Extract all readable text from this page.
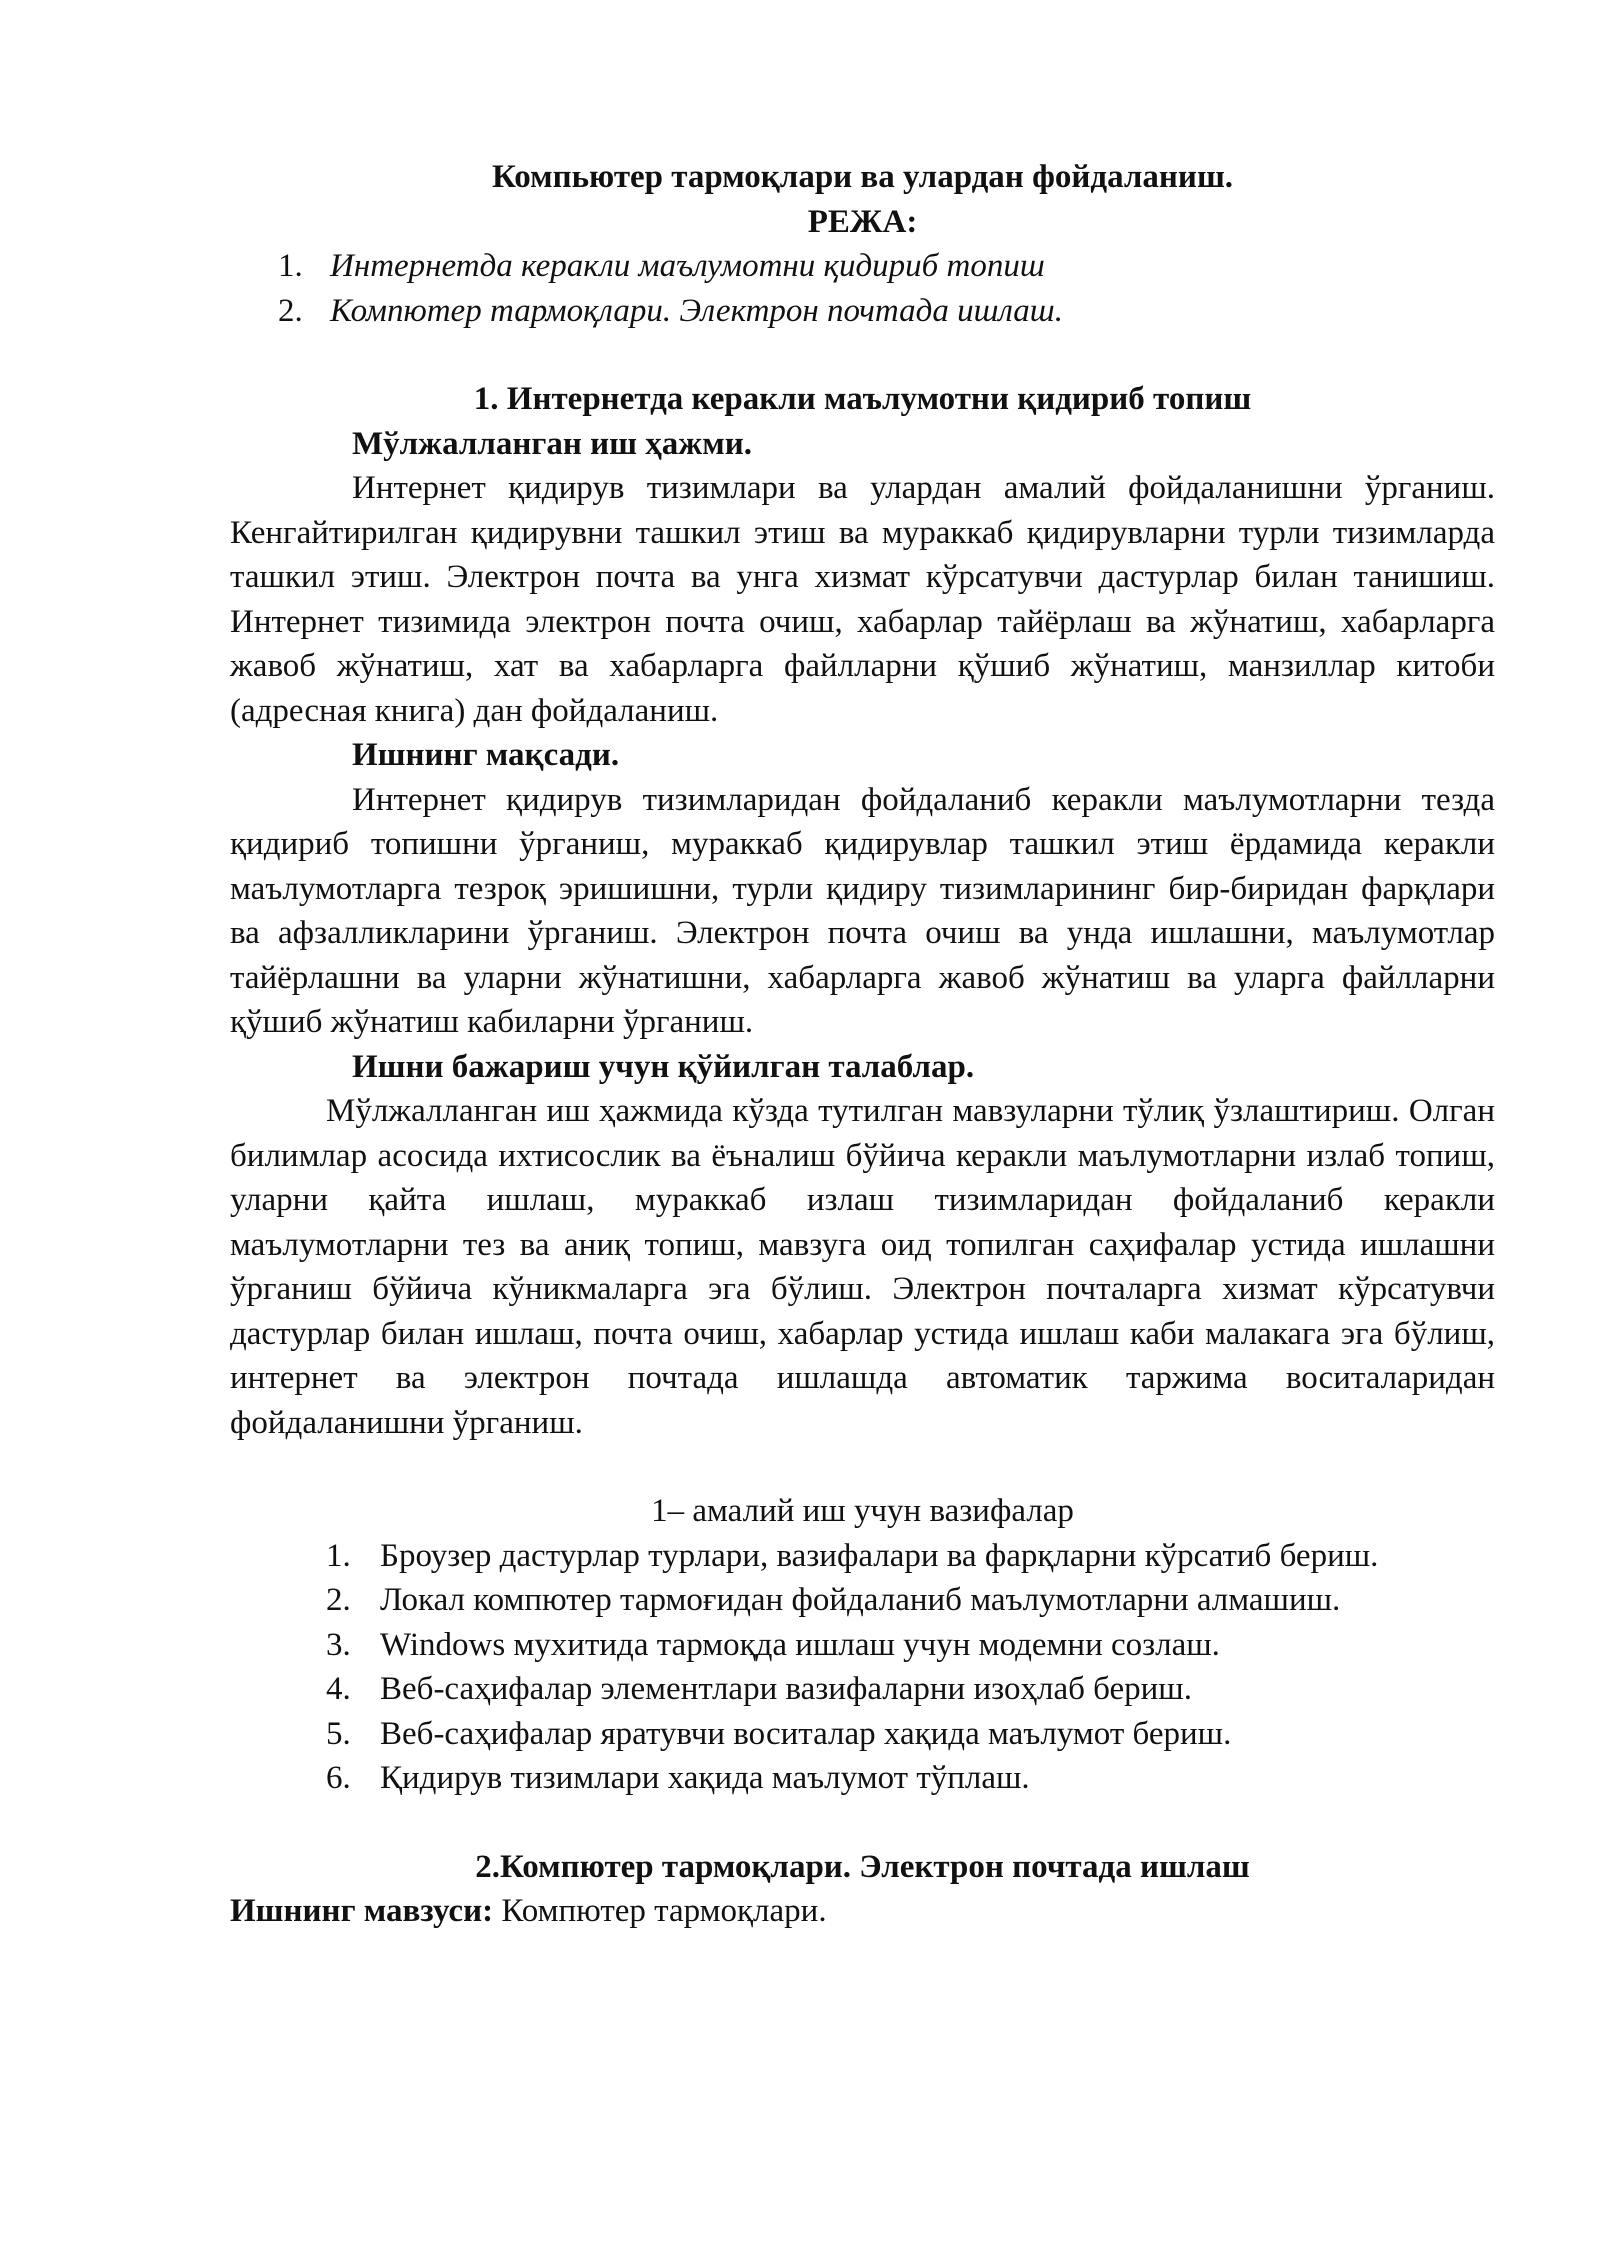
Компьютер тармоқлари ва улардан фойдаланиш.

РЕЖА:

1. Интернетда керакли маълумотни қидириб топиш
2. Компютер тармоқлари. Электрон почтада ишлаш.

1. Интернетда керакли маълумотни қидириб топиш

Мўлжалланган иш ҳажми.

Интернет қидирув тизимлари ва улардан амалий фойдаланишни ўрганиш. Кенгайтирилган қидирувни ташкил этиш ва мураккаб қидирувларни турли тизимларда ташкил этиш. Электрон почта ва унга хизмат кўрсатувчи дастурлар билан танишиш. Интернет тизимида электрон почта очиш, хабарлар тайёрлаш ва жўнатиш, хабарларга жавоб жўнатиш, хат ва хабарларга файлларни қўшиб жўнатиш, манзиллар китоби (адресная книга) дан фойдаланиш.

Ишнинг мақсади.

Интернет қидирув тизимларидан фойдаланиб керакли маълумотларни тезда қидириб топишни ўрганиш, мураккаб қидирувлар ташкил этиш ёрдамида керакли маълумотларга тезроқ эришишни, турли қидиру тизимларининг бир-биридан фарқлари ва афзалликларини ўрганиш. Электрон почта очиш ва унда ишлашни, маълумотлар тайёрлашни ва уларни жўнатишни, хабарларга жавоб жўнатиш ва уларга файлларни қўшиб жўнатиш кабиларни ўрганиш.

Ишни бажариш учун қўйилган талаблар.

Мўлжалланган иш ҳажмида кўзда тутилган мавзуларни тўлиқ ўзлаштириш. Олган билимлар асосида ихтисослик ва ёъналиш бўйича керакли маълумотларни излаб топиш, уларни қайта ишлаш, мураккаб излаш тизимларидан фойдаланиб керакли маълумотларни тез ва аниқ топиш, мавзуга оид топилган саҳифалар устида ишлашни ўрганиш бўйича кўникмаларга эга бўлиш. Электрон почталарга хизмат кўрсатувчи дастурлар билан ишлаш, почта очиш, хабарлар устида ишлаш каби малакага эга бўлиш, интернет ва электрон почтада ишлашда автоматик таржима воситаларидан фойдаланишни ўрганиш.

1– амалий иш учун вазифалар

1. Броузер дастурлар турлари, вазифалари ва фарқларни кўрсатиб бериш.
2. Локал компютер тармоғидан фойдаланиб маълумотларни алмашиш.
3. Windows мухитида тармоқда ишлаш учун модемни созлаш.
4. Веб-саҳифалар элементлари вазифаларни изоҳлаб бериш.
5. Веб-саҳифалар яратувчи воситалар хақида маълумот бериш.
6. Қидирув тизимлари хақида маълумот тўплаш.

2.Компютер тармоқлари. Электрон почтада ишлаш

Ишнинг мавзуси: Компютер тармоқлари.
